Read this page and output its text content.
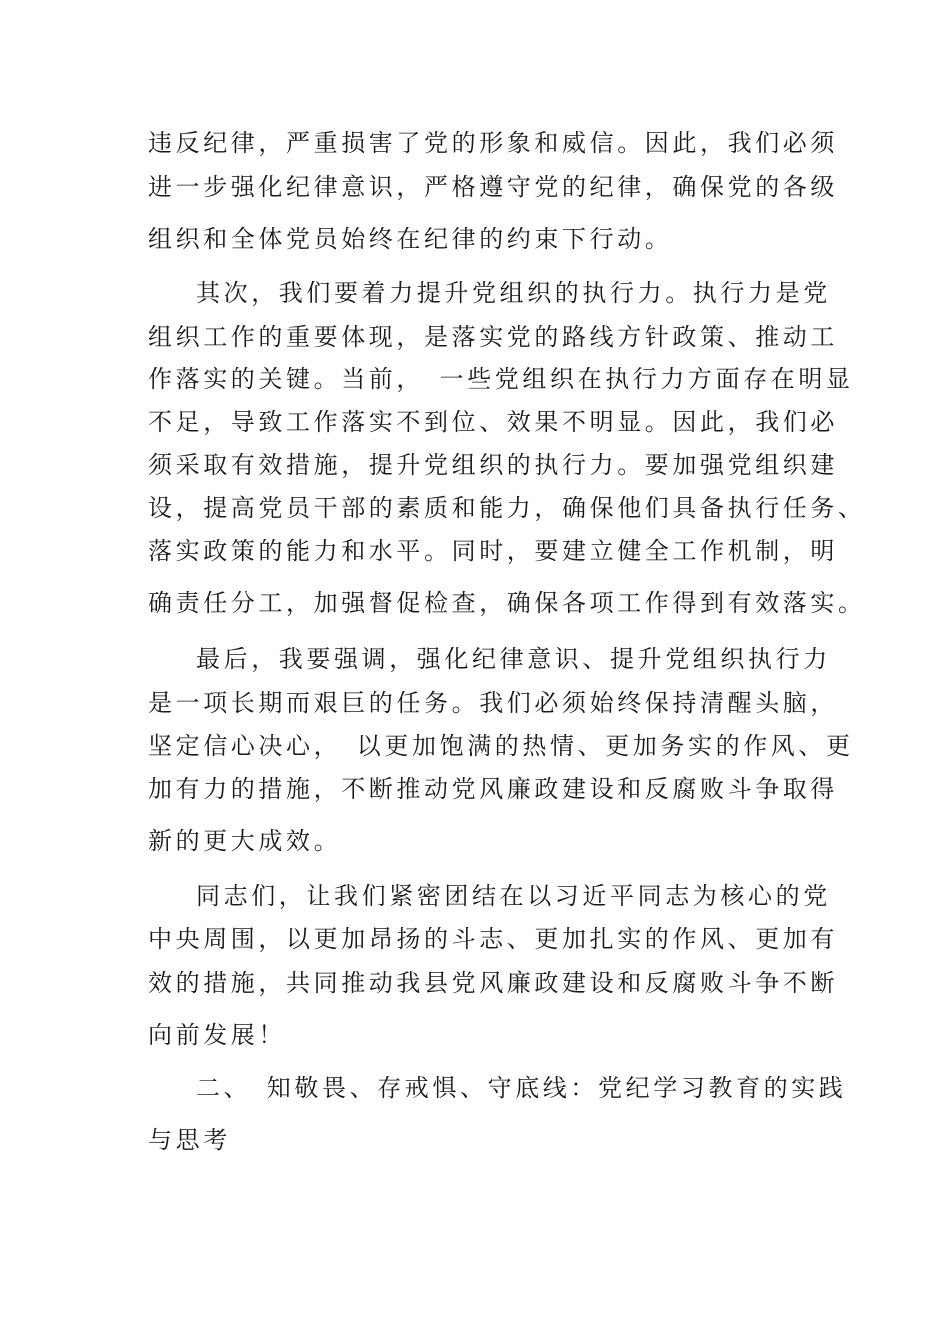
违反纪律，严重损害了党的形象和威信。因此，我们必须
进一步强化纪律意识，严格遵守党的纪律，确保党的各级
组织和全体党员始终在纪律的约束下行动。
其次，我们要着力提升党组织的执行力。执行力是党
组织工作的重要体现，是落实党的路线方针政策、推动工
作落实的关键。当前，　一些党组织在执行力方面存在明显
不足，导致工作落实不到位、效果不明显。因此，我们必
须采取有效措施，提升党组织的执行力。要加强党组织建
设，提高党员干部的素质和能力，确保他们具备执行任务、
落实政策的能力和水平。同时，要建立健全工作机制，明
确责任分工，加强督促检查，确保各项工作得到有效落实。
最后，我要强调，强化纪律意识、提升党组织执行力
是一项长期而艰巨的任务。我们必须始终保持清醒头脑，
坚定信心决心，　以更加饱满的热情、更加务实的作风、更
加有力的措施，不断推动党风廉政建设和反腐败斗争取得
新的更大成效。
同志们，让我们紧密团结在以习近平同志为核心的党
中央周围，以更加昂扬的斗志、更加扎实的作风、更加有
效的措施，共同推动我县党风廉政建设和反腐败斗争不断
向前发展！
二、　知敬畏、存戒惧、守底线：党纪学习教育的实践
与思考
